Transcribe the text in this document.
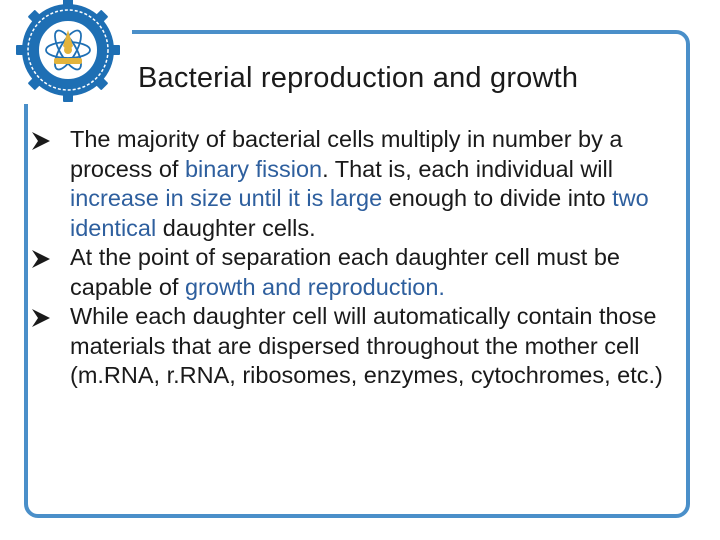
Bacterial reproduction and growth

The majority of bacterial cells multiply in number by a process of binary fission. That is, each individual will increase in size until it is large enough to divide into two identical daughter cells.

At the point of separation each daughter cell must be capable of growth and reproduction.

While each daughter cell will automatically contain those materials that are dispersed throughout the mother cell (m.RNA, r.RNA, ribosomes, enzymes, cytochromes, etc.)
